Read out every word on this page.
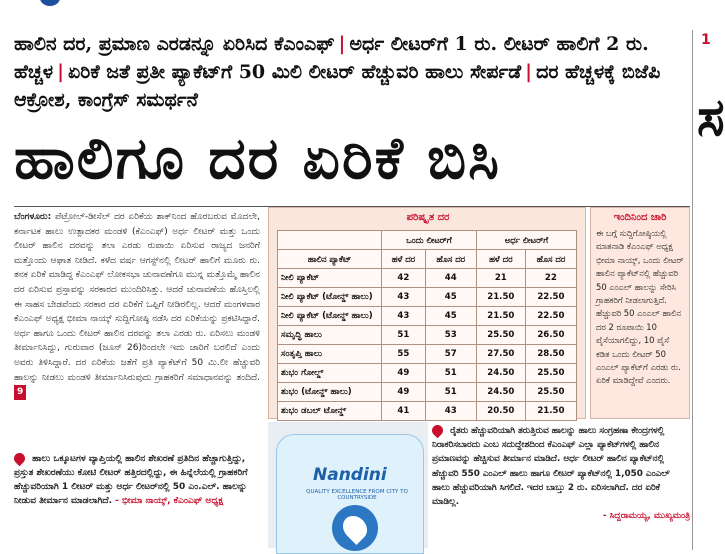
ಹಾಲಿನ ದರ, ಪ್ರಮಾಣ ಎರಡನ್ನೂ ಏರಿಸಿದ ಕೆಎಂಎಫ್ | ಅರ್ಧ ಲೀಟರ್‌ಗೆ 1 ರು. ಲೀಟರ್ ಹಾಲಿಗೆ 2 ರು. ಹೆಚ್ಚಳ | ಏರಿಕೆ ಜತೆ ಪ್ರತೀ ಪ್ಯಾಕೆಟ್‌ಗೆ 50 ಮಿಲಿ ಲೀಟರ್ ಹೆಚ್ಚುವರಿ ಹಾಲು ಸೇರ್ಪಡೆ | ದರ ಹೆಚ್ಚಳಕ್ಕೆ ಬಿಜೆಪಿ ಆಕ್ರೋಶ, ಕಾಂಗ್ರೆಸ್ ಸಮರ್ಥನೆ
ಹಾಲಿಗೂ ದರ ಏರಿಕೆ ಬಿಸಿ
1
ಸ
ಬೆಂಗಳೂರು: ಪೆಟ್ರೋಲ್-ಡೀಸೆಲ್ ದರ ಏರಿಕೆಯ ಶಾಕ್‌ನಿಂದ ಹೊರಬರುವ ಮೊದಲೇ, ಕರ್ನಾಟಕ ಹಾಲು ಉತ್ಪಾದಕರ ಮಂಡಳಿ (ಕೆಎಂಎಫ್) ಅರ್ಧ ಲೀಟರ್ ಮತ್ತು ಒಂದು ಲೀಟರ್ ಹಾಲಿನ ದರವನ್ನು ತಲಾ ಎರಡು ರುಪಾಯಿ ಏರಿಸುವ ರಾಜ್ಯದ ಜನರಿಗೆ ಮತ್ತೊಂದು ಆಘಾತ ನೀಡಿದೆ. ಕಳೆದ ವರ್ಷ ಆಗಸ್ಟ್‌ನಲ್ಲಿ ಲೀಟರ್ ಹಾಲಿಗೆ ಮೂರು ರು. ತನಕ ಏರಿಕೆ ಮಾಡಿದ್ದ ಕೆಎಂಎಫ್ ಲೋಕಸಭಾ ಚುನಾವಣೆಗೂ ಮುನ್ನ ಮತ್ತೊಮ್ಮೆ ಹಾಲಿನ ದರ ಏರಿಸುವ ಪ್ರಸ್ತಾವನ್ನು ಸರಕಾರದ ಮುಂದಿರಿಸಿತ್ತು. ಆದರೆ ಚುನಾವಣೆಯ ಹೊಸ್ತಿಲಲ್ಲಿ ಈ ಸಾಹಸ ಬೇಡವೆಂದು ಸರಕಾರ ದರ ಏರಿಕೆಗೆ ಒಪ್ಪಿಗೆ ನೀಡಿರಲಿಲ್ಲ. ಆದರೆ ಮಂಗಳವಾರ ಕೆಎಂಎಫ್ ಅಧ್ಯಕ್ಷ ಭೀಮಾ ನಾಯ್ಕ್ ಸುದ್ದಿಗೋಷ್ಠಿ ನಡೆಸಿ ದರ ಏರಿಕೆಯನ್ನು ಪ್ರಕಟಿಸಿದ್ದಾರೆ. ಅರ್ಧ ಹಾಗೂ ಒಂದು ಲೀಟರ್ ಹಾಲಿನ ದರವನ್ನು ತಲಾ ಎರಡು ರು. ಏರಿಸಲು ಮಂಡಳಿ ತೀರ್ಮಾನಿಸಿದ್ದು, ಗುರುವಾರ (ಜೂನ್ 26)ರಿಂದಲೇ ಇದು ಜಾರಿಗೆ ಬರಲಿದೆ ಎಂದು ಅವರು ತಿಳಿಸಿದ್ದಾರೆ. ದರ ಏರಿಕೆಯ ಜತೆಗೆ ಪ್ರತಿ ಪ್ಯಾಕೆಟ್‌ಗೆ 50 ಮಿ.ಲೀ ಹೆಚ್ಚುವರಿ ಹಾಲನ್ನು ನೀಡಲು ಮಂಡಳಿ ತೀರ್ಮಾನಿಸಿರುವುದು ಗ್ರಾಹಕರಿಗೆ ಸಮಾಧಾನವನ್ನು ತಂದಿದೆ. 9
ಹಾಲು ಒಕ್ಕೂಟಗಳ ವ್ಯಾಪ್ತಿಯಲ್ಲಿ ಹಾಲಿನ ಶೇಖರಣೆ ಪ್ರತಿದಿನ ಹೆಚ್ಚಾಗುತ್ತಿದ್ದು, ಪ್ರಸ್ತುತ ಶೇಖರಣೆಯು ಕೋಟಿ ಲೀಟರ್ ಹತ್ತಿರದಲ್ಲಿದ್ದು, ಈ ಹಿನ್ನೆಲೆಯಲ್ಲಿ ಗ್ರಾಹಕರಿಗೆ ಹೆಚ್ಚುವರಿಯಾಗಿ 1 ಲೀಟರ್ ಮತ್ತು ಅರ್ಧ ಲೀಟರ್‌ನಲ್ಲಿ 50 ಎಂ.ಎಲ್. ಹಾಲನ್ನು ನೀಡುವ ತೀರ್ಮಾನ ಮಾಡಲಾಗಿದೆ. - ಭೀಮಾ ನಾಯ್ಕ್, ಕೆಎಂಎಫ್ ಅಧ್ಯಕ್ಷ
ಪರಿಷ್ಕೃತ ದರ
	ಒಂದು ಲೀಟರ್‌ಗೆ		ಅರ್ಧ ಲೀಟರ್‌ಗೆ	
ಹಾಲಿನ ಪ್ಯಾಕೆಟ್	ಹಳೆ ದರ	ಹೊಸ ದರ	ಹಳೆ ದರ	ಹೊಸ ದರ
ನೀಲಿ ಪ್ಯಾಕೆಟ್	42	44	21	22
ನೀಲಿ ಪ್ಯಾಕೆಟ್ (ಟೋನ್ಡ್ ಹಾಲು)	43	45	21.50	22.50
ನೀಲಿ ಪ್ಯಾಕೆಟ್ (ಟೋನ್ಡ್ ಹಾಲು)	43	45	21.50	22.50
ಸಮೃದ್ಧಿ ಹಾಲು	51	53	25.50	26.50
ಸಂತೃಪ್ತಿ ಹಾಲು	55	57	27.50	28.50
ಶುಭಂ ಗೋಲ್ಡ್	49	51	24.50	25.50
ಶುಭಂ (ಟೋನ್ಡ್ ಹಾಲು)	49	51	24.50	25.50
ಶುಭಂ ಡಬಲ್ ಟೋನ್ಡ್	41	43	20.50	21.50
ಇಂದಿನಿಂದ ಜಾರಿ
ಈ ಬಗ್ಗೆ ಸುದ್ದಿಗೋಷ್ಠಿಯಲ್ಲಿ ಮಾತನಾಡಿ ಕೆಎಂಎಫ್ ಅಧ್ಯಕ್ಷ ಭೀಮಾ ನಾಯ್ಕ್, ಒಂದು ಲೀಟರ್ ಹಾಲಿನ ಪ್ಯಾಕೆಟ್‌ನಲ್ಲಿ ಹೆಚ್ಚುವರಿ 50 ಎಂಎಲ್ ಹಾಲನ್ನು ಸೇರಿಸಿ ಗ್ರಾಹಕರಿಗೆ ನೀಡಲಾಗುತ್ತಿದೆ. ಹೆಚ್ಚುವರಿ 50 ಎಂಎಲ್ ಹಾಲಿನ ದರ 2 ರೂಪಾಯಿ 10 ಪೈಸೆಯಾಗಲಿದ್ದು, 10 ಪೈಸೆ ಕಡಿತ ಒಂದು ಲೀಟರ್ 50 ಎಂಎಲ್ ಪ್ಯಾಕೆಟ್‌ಗೆ ಎರಡು ರು. ಏರಿಕೆ ಮಾಡಿದ್ದೇವೆ ಎಂದರು.
Nandini
QUALITY EXCELLENCE FROM CITY TO COUNTRYSIDE
ರೈತರು ಹೆಚ್ಚುವರಿಯಾಗಿ ತರುತ್ತಿರುವ ಹಾಲನ್ನು ಹಾಲು ಸಂಗ್ರಹಣಾ ಕೇಂದ್ರಗಳಲ್ಲಿ ನಿರಾಕರಿಸಬಾರದು ಎಂಬ ಸದುದ್ದೇಶದಿಂದ ಕೆಎಂಎಫ್ ಎಲ್ಲಾ ಪ್ಯಾಕೆಟ್‌ಗಳಲ್ಲಿ ಹಾಲಿನ ಪ್ರಮಾಣವನ್ನು ಹೆಚ್ಚಿಸುವ ತೀರ್ಮಾನ ಮಾಡಿದೆ. ಅರ್ಧ ಲೀಟರ್ ಹಾಲಿನ ಪ್ಯಾಕೆಟ್‌ನಲ್ಲಿ ಹೆಚ್ಚುವರಿ 550 ಎಂಎಲ್ ಹಾಲು ಹಾಗೂ ಲೀಟರ್ ಪ್ಯಾಕೆಟ್‌ನಲ್ಲಿ 1,050 ಎಂಎಲ್ ಹಾಲು ಹೆಚ್ಚುವರಿಯಾಗಿ ಸಿಗಲಿದೆ. ಇದರ ಬಾಬ್ತು 2 ರು. ಏರಿಸಲಾಗಿದೆ. ದರ ಏರಿಕೆ ಮಾಡಿಲ್ಲ.
- ಸಿದ್ದರಾಮಯ್ಯ, ಮುಖ್ಯಮಂತ್ರಿ
